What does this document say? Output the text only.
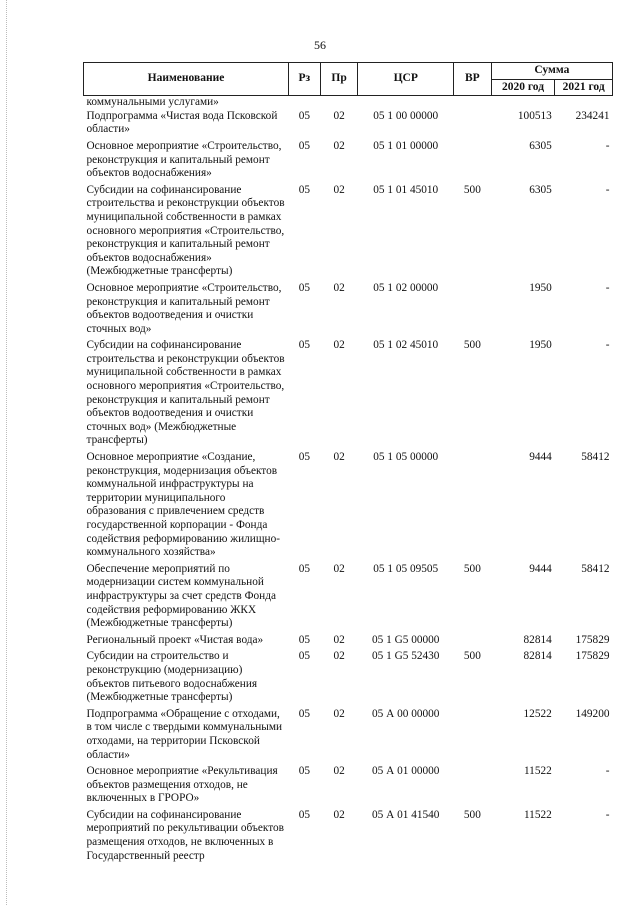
56
Наименование	Рз	Пр	ЦСР	ВР	Сумма	
					2020 год	2021 год
коммунальными услугами»						
Подпрограмма «Чистая вода Псковской области»	05	02	05 1 00 00000		100513	234241
Основное мероприятие «Строительство, реконструкция и капитальный ремонт объектов водоснабжения»	05	02	05 1 01 00000		6305	-
Субсидии на софинансирование строительства и реконструкции объектов муниципальной собственности в рамках основного мероприятия «Строительство, реконструкция и капитальный ремонт объектов водоснабжения» (Межбюджетные трансферты)	05	02	05 1 01 45010	500	6305	-
Основное мероприятие «Строительство, реконструкция и капитальный ремонт объектов водоотведения и очистки сточных вод»	05	02	05 1 02 00000		1950	-
Субсидии на софинансирование строительства и реконструкции объектов муниципальной собственности в рамках основного мероприятия «Строительство, реконструкция и капитальный ремонт объектов водоотведения и очистки сточных вод» (Межбюджетные трансферты)	05	02	05 1 02 45010	500	1950	-
Основное мероприятие «Создание, реконструкция, модернизация объектов коммунальной инфраструктуры на территории муниципального образования с привлечением средств государственной корпорации - Фонда содействия реформированию жилищно-коммунального хозяйства»	05	02	05 1 05 00000		9444	58412
Обеспечение мероприятий по модернизации систем коммунальной инфраструктуры за счет средств Фонда содействия реформированию ЖКХ (Межбюджетные трансферты)	05	02	05 1 05 09505	500	9444	58412
Региональный проект «Чистая вода»	05	02	05 1 G5 00000		82814	175829
Субсидии на строительство и реконструкцию (модернизацию) объектов питьевого водоснабжения (Межбюджетные трансферты)	05	02	05 1 G5 52430	500	82814	175829
Подпрограмма «Обращение с отходами, в том числе с твердыми коммунальными отходами, на территории Псковской области»	05	02	05 А 00 00000		12522	149200
Основное мероприятие «Рекультивация объектов размещения отходов, не включенных в ГРОРО»	05	02	05 А 01 00000		11522	-
Субсидии на софинансирование мероприятий по рекультивации объектов размещения отходов, не включенных в Государственный реестр	05	02	05 А 01 41540	500	11522	-
